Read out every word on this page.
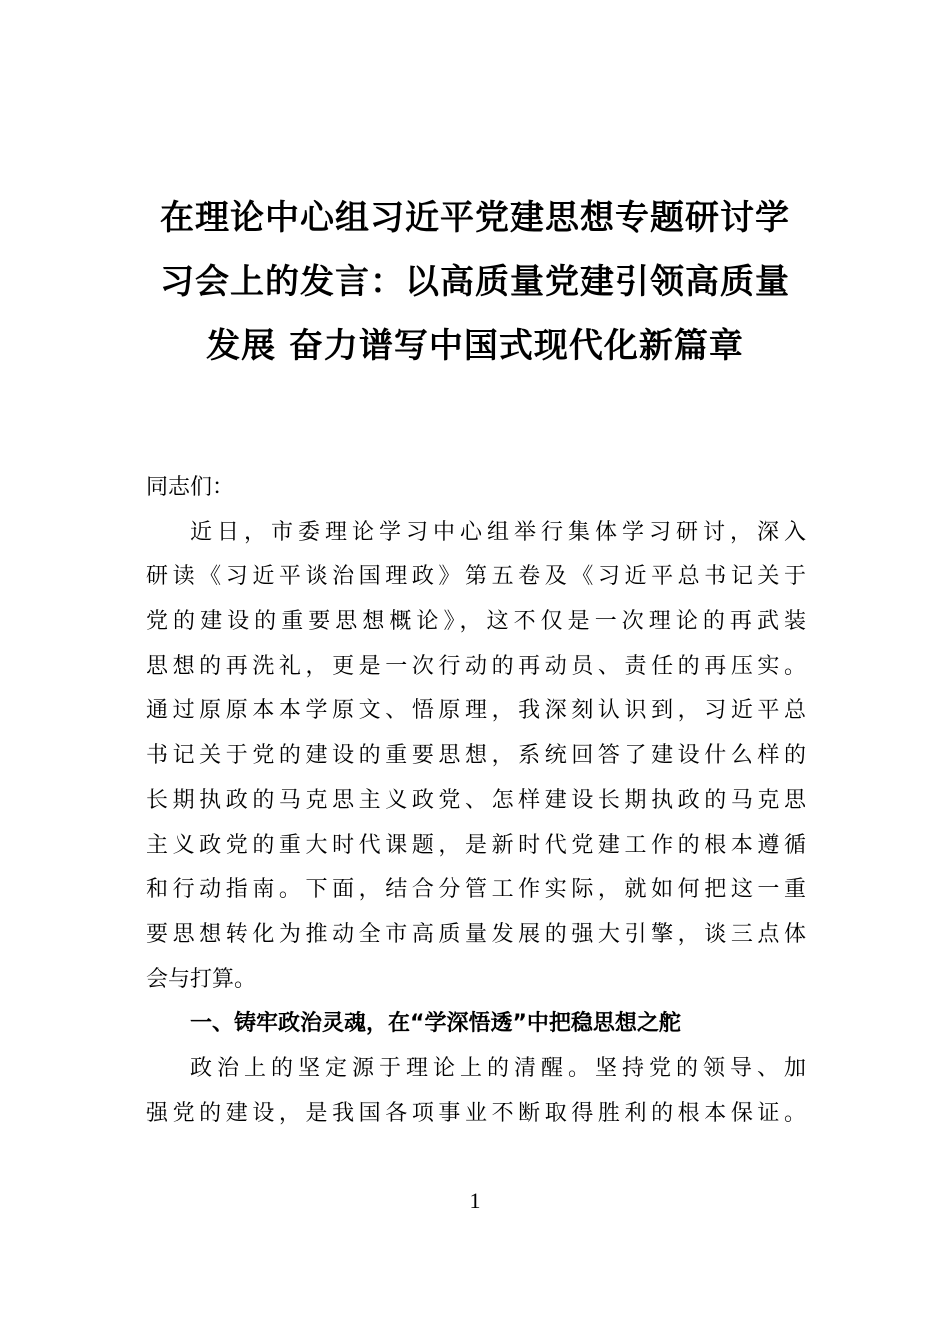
在理论中心组习近平党建思想专题研讨学
习会上的发言：以高质量党建引领高质量
发展 奋力谱写中国式现代化新篇章
同志们：
近日，市委理论学习中心组举行集体学习研讨，深入
研读《习近平谈治国理政》第五卷及《习近平总书记关于
党的建设的重要思想概论》，这不仅是一次理论的再武装
思想的再洗礼，更是一次行动的再动员、责任的再压实。
通过原原本本学原文、悟原理，我深刻认识到，习近平总
书记关于党的建设的重要思想，系统回答了建设什么样的
长期执政的马克思主义政党、怎样建设长期执政的马克思
主义政党的重大时代课题，是新时代党建工作的根本遵循
和行动指南。下面，结合分管工作实际，就如何把这一重
要思想转化为推动全市高质量发展的强大引擎，谈三点体
会与打算。
一、铸牢政治灵魂，在“学深悟透”中把稳思想之舵
政治上的坚定源于理论上的清醒。坚持党的领导、加
强党的建设，是我国各项事业不断取得胜利的根本保证。
1
